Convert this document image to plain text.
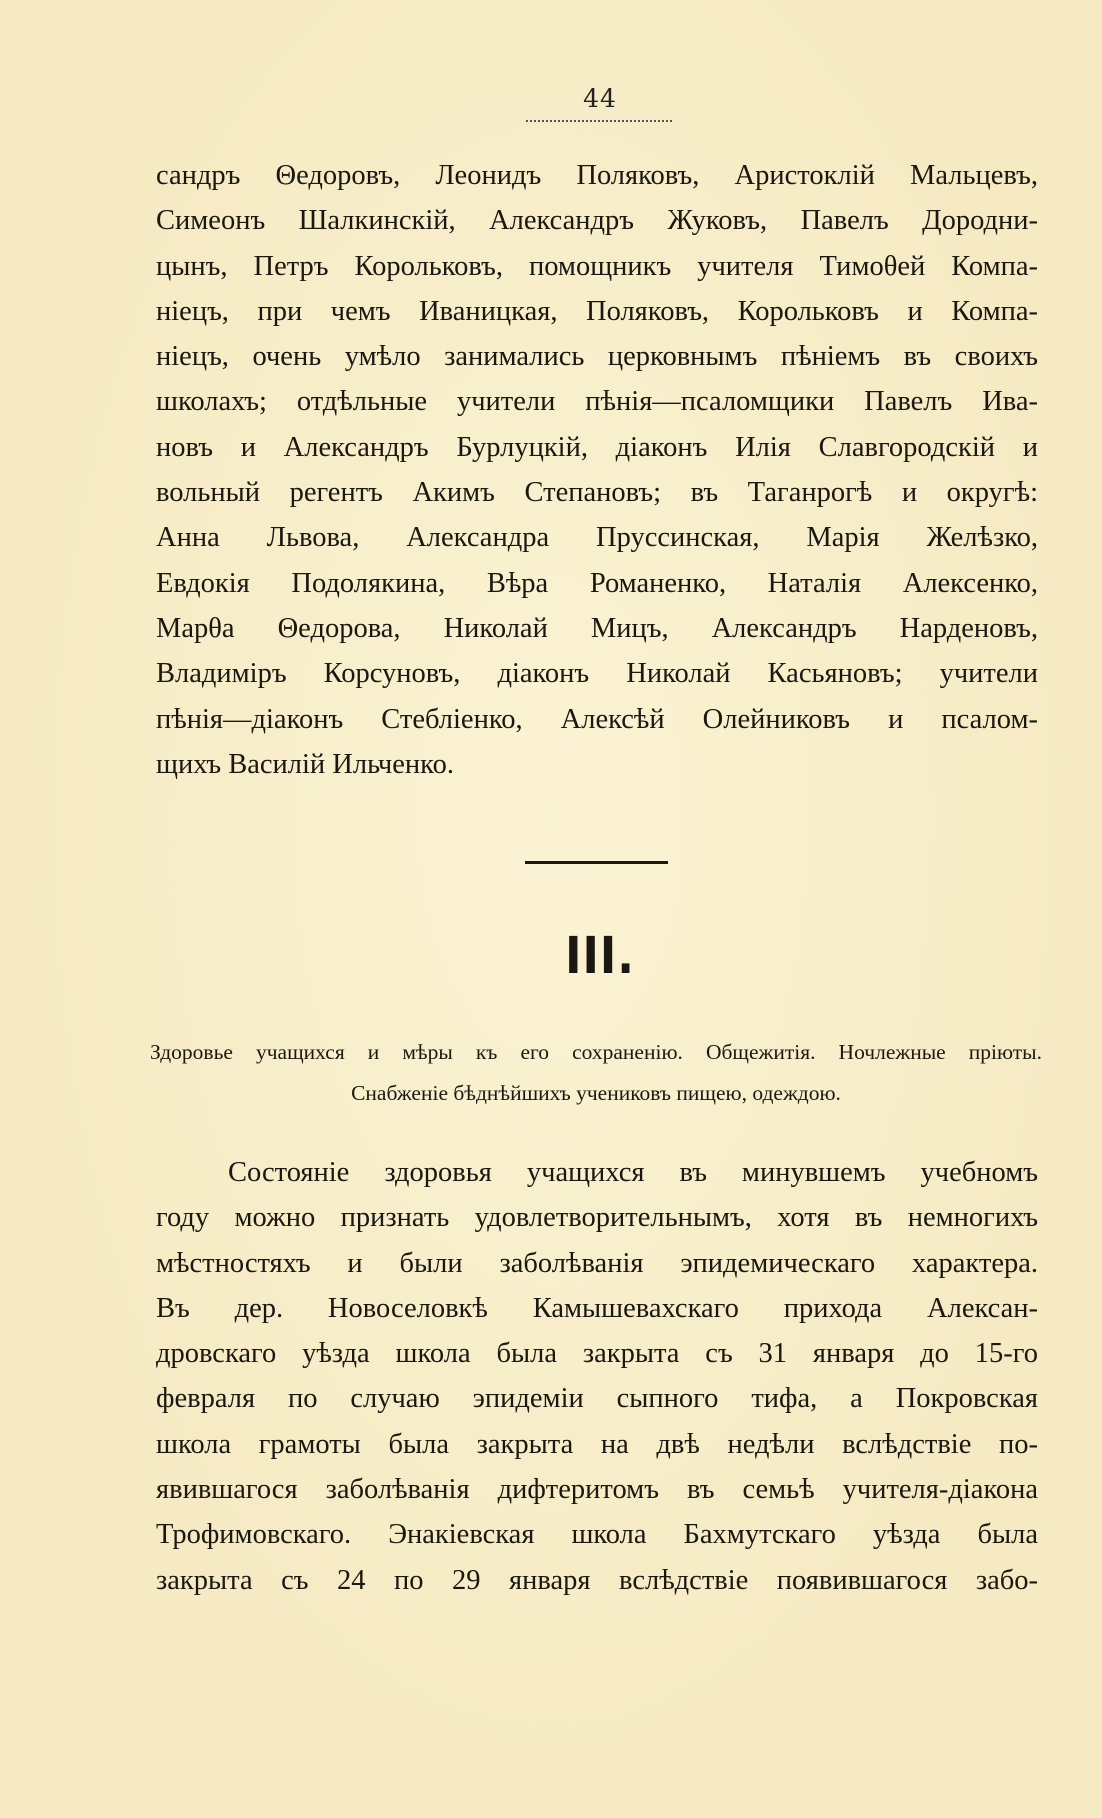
44
сандръ Θедоровъ, Леонидъ Поляковъ, Аристоклій Мальцевъ,
Симеонъ Шалкинскій, Александръ Жуковъ, Павелъ Дородни-
цынъ, Петръ Корольковъ, помощникъ учителя Тимоθей Компа-
ніецъ, при чемъ Иваницкая, Поляковъ, Корольковъ и Компа-
ніецъ, очень умѣло занимались церковнымъ пѣніемъ въ своихъ
школахъ; отдѣльные учители пѣнія—псаломщики Павелъ Ива-
новъ и Александръ Бурлуцкій, діаконъ Илія Славгородскій и
вольный регентъ Акимъ Степановъ; въ Таганрогѣ и округѣ:
Анна Львова, Александра Пруссинская, Марія Желѣзко,
Евдокія Подолякина, Вѣра Романенко, Наталія Алексенко,
Марθа Θедорова, Николай Мицъ, Александръ Нарденовъ,
Владиміръ Корсуновъ, діаконъ Николай Касьяновъ; учители
пѣнія—діаконъ Стебліенко, Алексѣй Олейниковъ и псалом-
щихъ Василій Ильченко.
III.
Здоровье учащихся и мѣры къ его сохраненію. Общежитія. Ночлежные пріюты.
Снабженіе бѣднѣйшихъ учениковъ пищею, одеждою.
Состояніе здоровья учащихся въ минувшемъ учебномъ
году можно признать удовлетворительнымъ, хотя въ немногихъ
мѣстностяхъ и были заболѣванія эпидемическаго характера.
Въ дер. Новоселовкѣ Камышевахскаго прихода Алексан-
дровскаго уѣзда школа была закрыта съ 31 января до 15-го
февраля по случаю эпидеміи сыпного тифа, а Покровская
школа грамоты была закрыта на двѣ недѣли вслѣдствіе по-
явившагося заболѣванія дифтеритомъ въ семьѣ учителя-діакона
Трофимовскаго. Энакіевская школа Бахмутскаго уѣзда была
закрыта съ 24 по 29 января вслѣдствіе появившагося забо-
